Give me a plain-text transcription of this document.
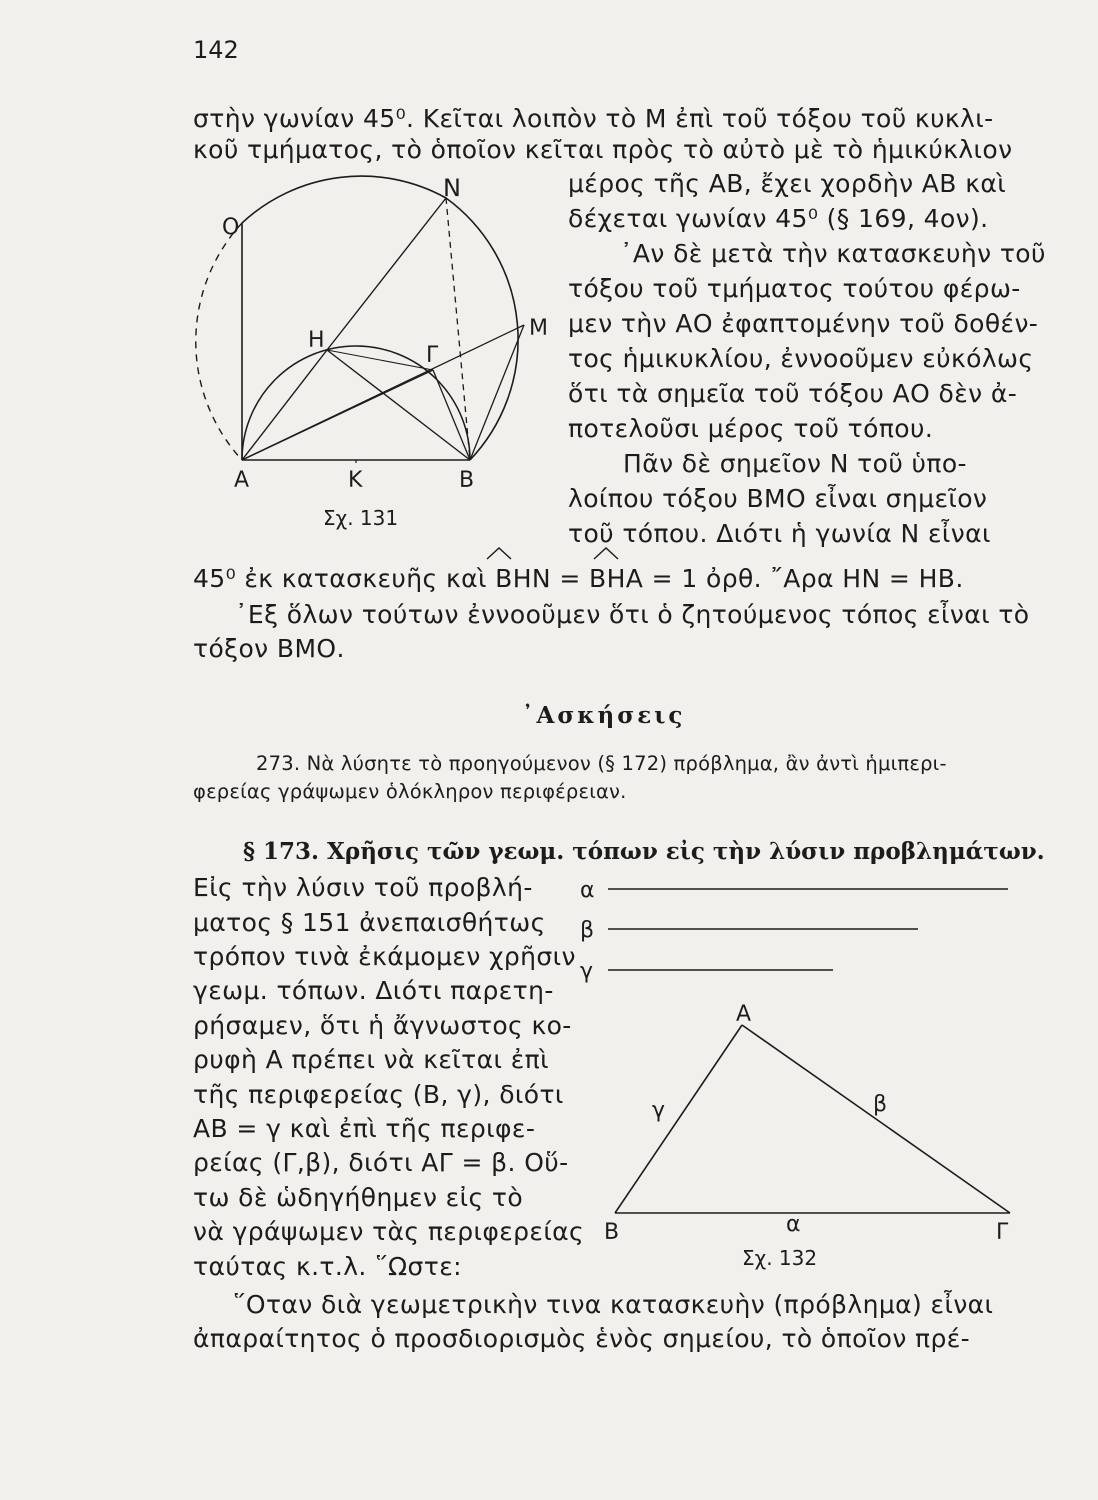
142
στὴν γωνίαν 45⁰. Κεῖται λοιπὸν τὸ Μ ἐπὶ τοῦ τόξου τοῦ κυκλι-
κοῦ τμήματος, τὸ ὁποῖον κεῖται πρὸς τὸ αὐτὸ μὲ τὸ ἡμικύκλιον
μέρος τῆς ΑΒ, ἔχει χορδὴν ΑΒ καὶ
δέχεται γωνίαν 45⁰ (§ 169, 4ον).
᾿Αν δὲ μετὰ τὴν κατασκευὴν τοῦ
τόξου τοῦ τμήματος τούτου φέρω-
μεν τὴν ΑΟ ἐφαπτομένην τοῦ δοθέν-
τος ἡμικυκλίου, ἐννοοῦμεν εὐκόλως
ὅτι τὰ σημεῖα τοῦ τόξου ΑΟ δὲν ἀ-
ποτελοῦσι μέρος τοῦ τόπου.
Πᾶν δὲ σημεῖον Ν τοῦ ὑπο-
λοίπου τόξου ΒΜΟ εἶναι σημεῖον
τοῦ τόπου. Διότι ἡ γωνία Ν εἶναι
45⁰ ἐκ κατασκευῆς καὶ ΒΗΝ = ΒΗΑ = 1 ὀρθ. ῎Αρα ΗΝ = ΗΒ.
᾿Εξ ὅλων τούτων ἐννοοῦμεν ὅτι ὁ ζητούμενος τόπος εἶναι τὸ
τόξον ΒΜΟ.
Ο
Ν
Μ
Η
Γ
Α	Κ	Β
Σχ. 131
᾿Ασκήσεις
273. Νὰ λύσητε τὸ προηγούμενον (§ 172) πρόβλημα, ἂν ἀντὶ ἡμιπερι-
φερείας γράψωμεν ὁλόκληρον περιφέρειαν.
§ 173. Χρῆσις τῶν γεωμ. τόπων εἰς τὴν λύσιν προβλημάτων.
Εἰς τὴν λύσιν τοῦ προβλή-
ματος § 151 ἀνεπαισθήτως
τρόπον τινὰ ἐκάμομεν χρῆσιν
γεωμ. τόπων. Διότι παρετη-
ρήσαμεν, ὅτι ἡ ἄγνωστος κο-
ρυφὴ Α πρέπει νὰ κεῖται ἐπὶ
τῆς περιφερείας (Β, γ), διότι
ΑΒ = γ καὶ ἐπὶ τῆς περιφε-
ρείας (Γ,β), διότι ΑΓ = β. Οὕ-
τω δὲ ὡδηγήθημεν εἰς τὸ
νὰ γράψωμεν τὰς περιφερείας
ταύτας κ.τ.λ. ῞Ωστε:
α
β
γ
Α
Β	Γ
γ	β
α
Σχ. 132
῞Οταν διὰ γεωμετρικὴν τινα κατασκευὴν (πρόβλημα) εἶναι
ἀπαραίτητος ὁ προσδιορισμὸς ἑνὸς σημείου, τὸ ὁποῖον πρέ-
